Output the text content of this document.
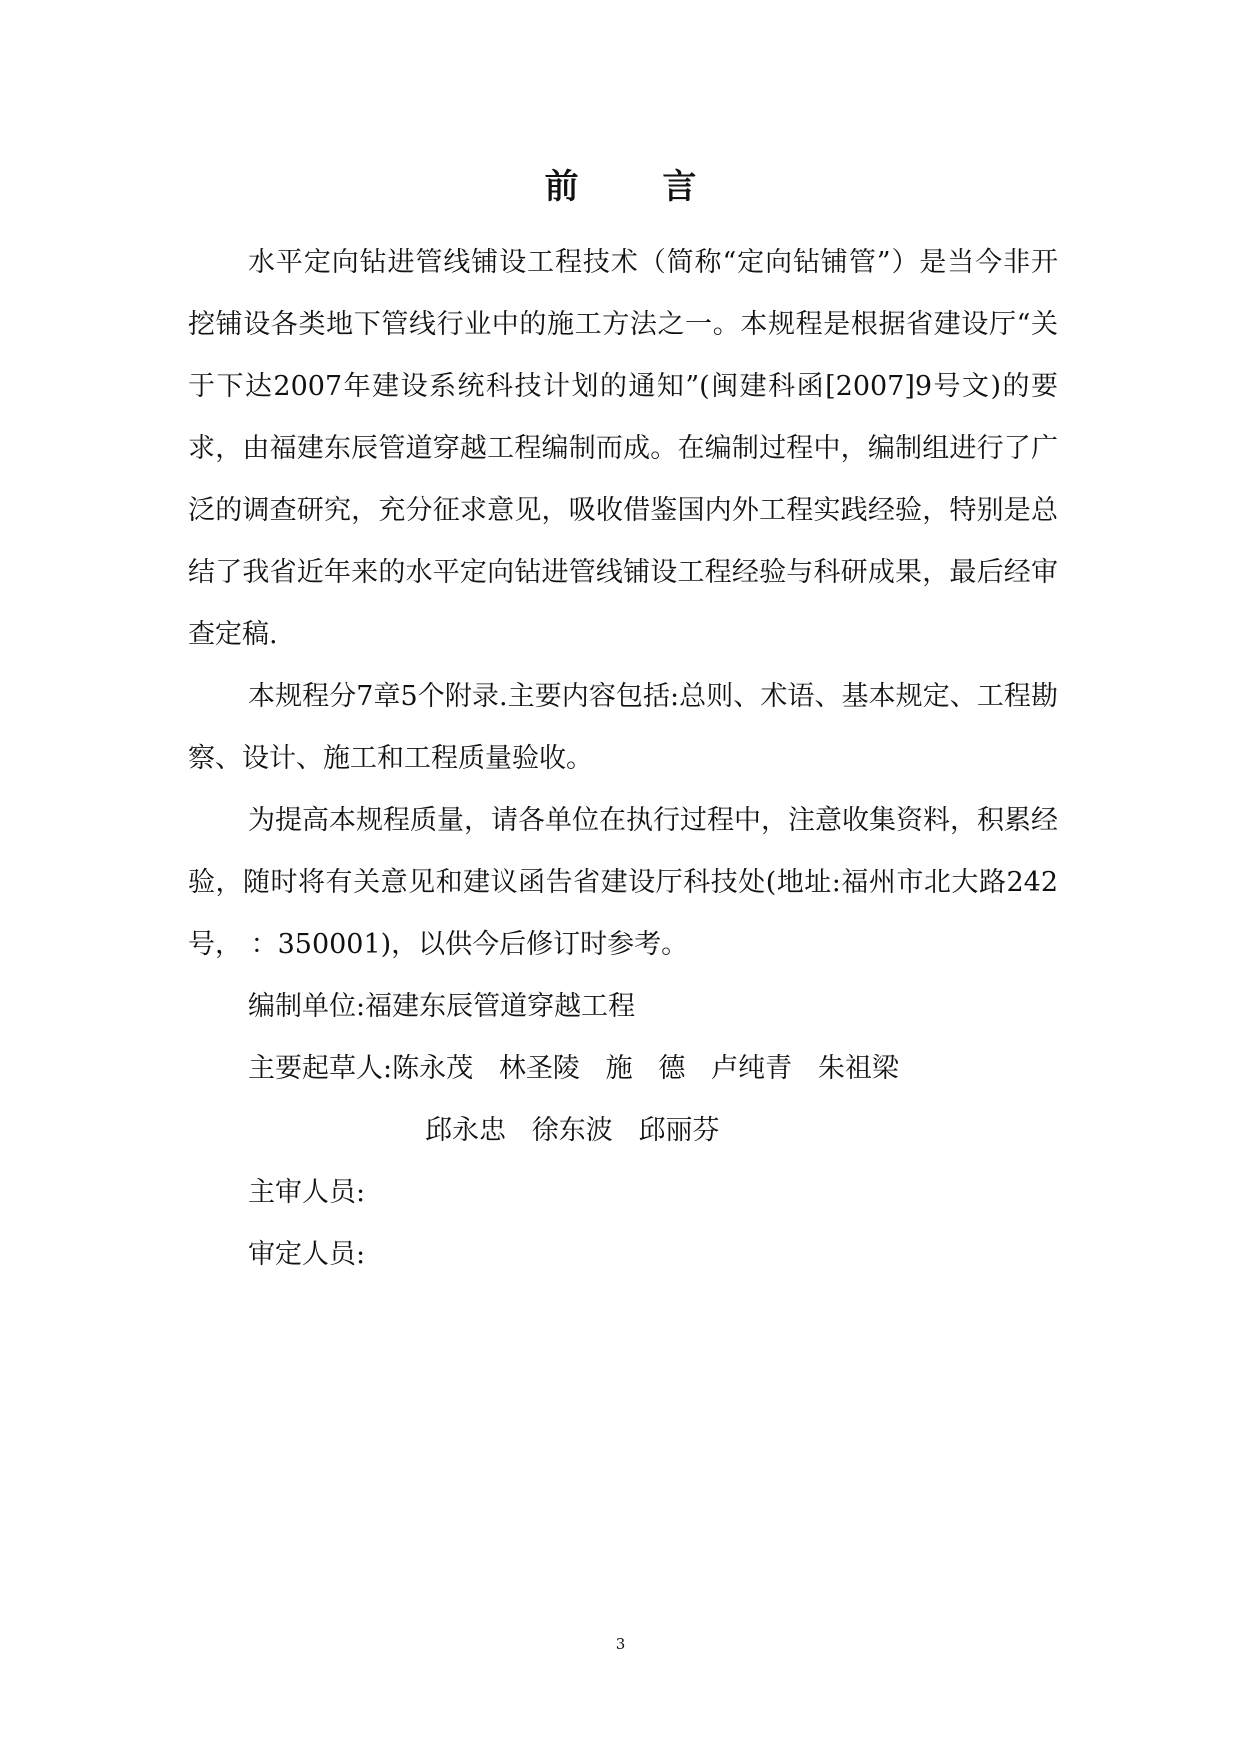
前 言

水平定向钻进管线铺设工程技术（简称“定向钻铺管”）是当今非开挖铺设各类地下管线行业中的施工方法之一。本规程是根据省建设厅“关于下达2007年建设系统科技计划的通知”(闽建科函[2007]9号文)的要求，由福建东辰管道穿越工程编制而成。在编制过程中，编制组进行了广泛的调查研究，充分征求意见，吸收借鉴国内外工程实践经验，特别是总结了我省近年来的水平定向钻进管线铺设工程经验与科研成果，最后经审查定稿.

本规程分7章5个附录.主要内容包括:总则、术语、基本规定、工程勘察、设计、施工和工程质量验收。

为提高本规程质量，请各单位在执行过程中，注意收集资料，积累经验，随时将有关意见和建议函告省建设厅科技处(地址:福州市北大路242号， ：350001)，以供今后修订时参考。

编制单位:福建东辰管道穿越工程
主要起草人:陈永茂   林圣陵   施   德   卢纯青   朱祖梁
邱永忠   徐东波   邱丽芬
主审人员:
审定人员:
3
